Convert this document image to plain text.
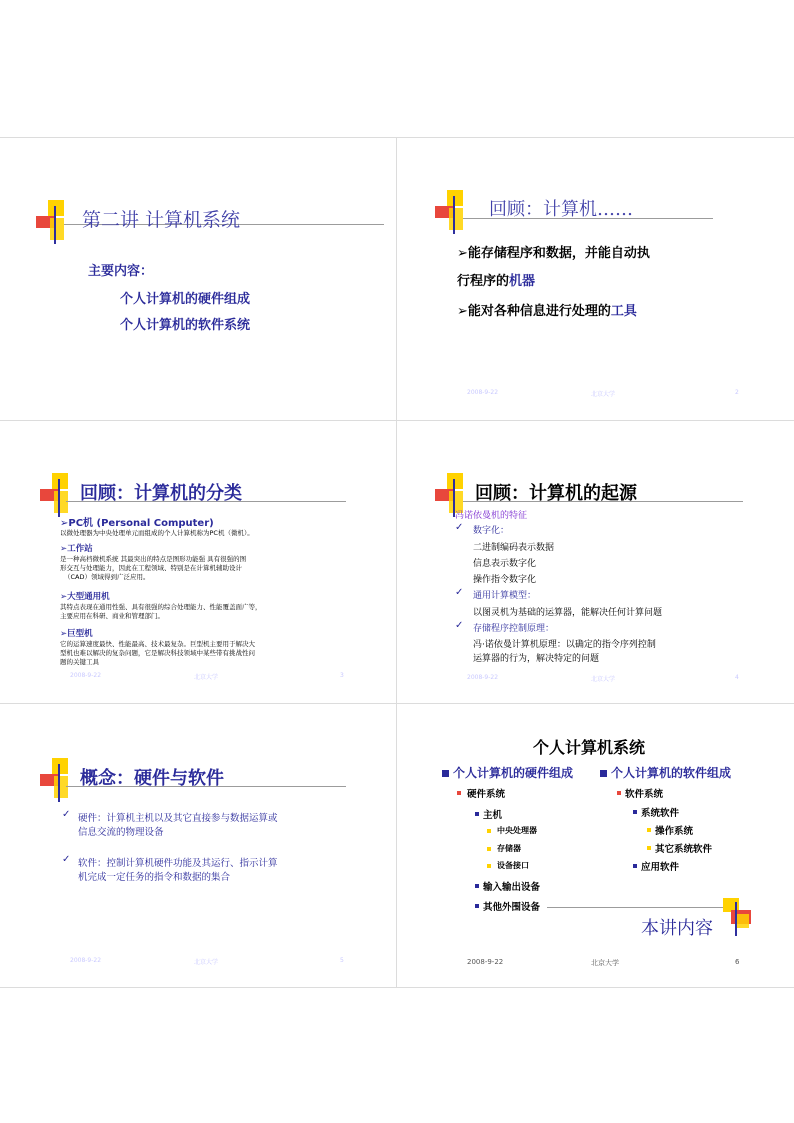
第二讲 计算机系统
主要内容：
个人计算机的硬件组成
个人计算机的软件系统
回顾：计算机……
➢能存储程序和数据，并能自动执
行程序的机器
➢能对各种信息进行处理的工具
2008-9-22	北京大学	2
回顾：计算机的分类
➢PC机 (Personal Computer)
以微处理器为中央处理单元而组成的个人计算机称为PC机（微机）。
➢工作站
是一种高档微机系统 其最突出的特点是图形功能强 具有很强的图
形交互与处理能力，因此在工程领域、特别是在计算机辅助设计
（CAD）领域得到广泛应用。
➢大型通用机
其特点表现在通用性强、具有很强的综合处理能力、性能覆盖面广等，
主要应用在科研、商业和管理部门。
➢巨型机
它的运算速度最快、性能最高、技术最复杂。巨型机主要用于解决大
型机也难以解决的复杂问题，它是解决科技领域中某些带有挑战性问
题的关键工具
2008-9-22	北京大学	3
回顾：计算机的起源
冯诺依曼机的特征
✓ 数字化：
二进制编码表示数据
信息表示数字化
操作指令数字化
✓ 通用计算模型：
以图灵机为基础的运算器，能解决任何计算问题
✓ 存储程序控制原理：
冯·诺依曼计算机原理：以确定的指令序列控制
运算器的行为，解决特定的问题
2008-9-22	北京大学	4
概念：硬件与软件
✓ 硬件：计算机主机以及其它直接参与数据运算或
信息交流的物理设备
✓ 软件：控制计算机硬件功能及其运行、指示计算
机完成一定任务的指令和数据的集合
2008-9-22	北京大学	5
个人计算机系统
个人计算机的硬件组成	个人计算机的软件组成
硬件系统
主机
中央处理器
存储器
设备接口
输入输出设备
其他外围设备
软件系统
系统软件
操作系统
其它系统软件
应用软件
本讲内容
2008-9-22	北京大学	6
